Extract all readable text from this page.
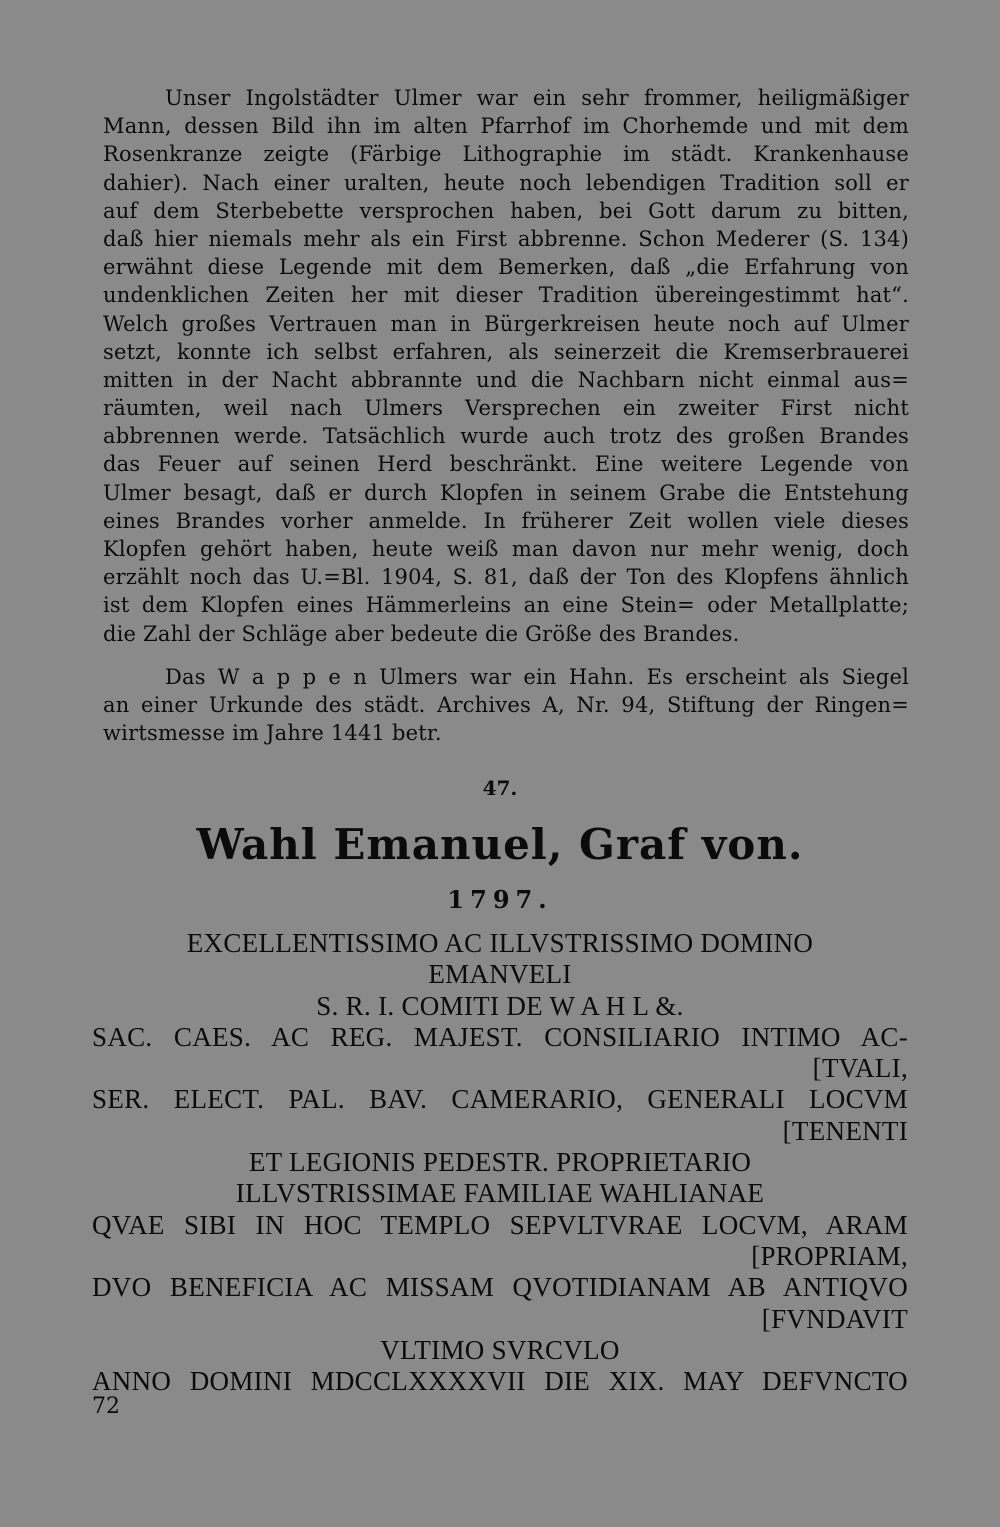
Unser Ingolstädter Ulmer war ein sehr frommer, heiligmäßiger
Mann, dessen Bild ihn im alten Pfarrhof im Chorhemde und mit dem
Rosenkranze zeigte (Färbige Lithographie im städt. Krankenhause
dahier). Nach einer uralten, heute noch lebendigen Tradition soll er
auf dem Sterbebette versprochen haben, bei Gott darum zu bitten,
daß hier niemals mehr als ein First abbrenne. Schon Mederer (S. 134)
erwähnt diese Legende mit dem Bemerken, daß „die Erfahrung von
undenklichen Zeiten her mit dieser Tradition übereingestimmt hat“.
Welch großes Vertrauen man in Bürgerkreisen heute noch auf Ulmer
setzt, konnte ich selbst erfahren, als seinerzeit die Kremserbrauerei
mitten in der Nacht abbrannte und die Nachbarn nicht einmal aus=
räumten, weil nach Ulmers Versprechen ein zweiter First nicht
abbrennen werde. Tatsächlich wurde auch trotz des großen Brandes
das Feuer auf seinen Herd beschränkt. Eine weitere Legende von
Ulmer besagt, daß er durch Klopfen in seinem Grabe die Entstehung
eines Brandes vorher anmelde. In früherer Zeit wollen viele dieses
Klopfen gehört haben, heute weiß man davon nur mehr wenig, doch
erzählt noch das U.=Bl. 1904, S. 81, daß der Ton des Klopfens ähnlich
ist dem Klopfen eines Hämmerleins an eine Stein= oder Metallplatte;
die Zahl der Schläge aber bedeute die Größe des Brandes.
Das W a p p e n Ulmers war ein Hahn. Es erscheint als Siegel
an einer Urkunde des städt. Archives A, Nr. 94, Stiftung der Ringen=
wirtsmesse im Jahre 1441 betr.
47.
Wahl Emanuel, Graf von.
1797.
EXCELLENTISSIMO AC ILLVSTRISSIMO DOMINO
EMANVELI
S. R. I. COMITI DE W A H L &.
SAC. CAES. AC REG. MAJEST. CONSILIARIO INTIMO AC-
[TVALI,
SER. ELECT. PAL. BAV. CAMERARIO, GENERALI LOCVM
[TENENTI
ET LEGIONIS PEDESTR. PROPRIETARIO
ILLVSTRISSIMAE FAMILIAE WAHLIANAE
QVAE SIBI IN HOC TEMPLO SEPVLTVRAE LOCVM, ARAM
[PROPRIAM,
DVO BENEFICIA AC MISSAM QVOTIDIANAM AB ANTIQVO
[FVNDAVIT
VLTIMO SVRCVLO
ANNO DOMINI MDCCLXXXXVII DIE XIX. MAY DEFVNCTO
72
